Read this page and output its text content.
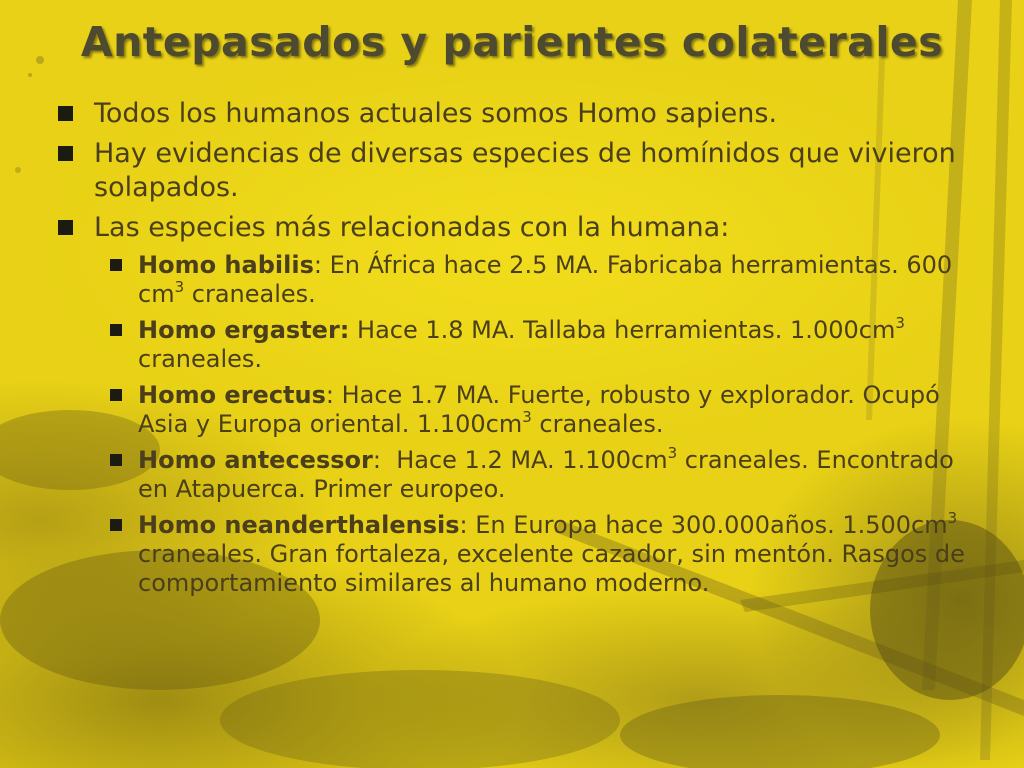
Antepasados y parientes colaterales
Todos los humanos actuales somos Homo sapiens.
Hay evidencias de diversas especies de homínidos que vivieron solapados.
Las especies más relacionadas con la humana:
Homo habilis: En África hace 2.5 MA. Fabricaba herramientas. 600 $cm^3$ craneales.
Homo ergaster: Hace 1.8 MA. Tallaba herramientas. $1.000cm^3$ craneales.
Homo erectus: Hace 1.7 MA. Fuerte, robusto y explorador. Ocupó Asia y Europa oriental. $1.100cm^3$ craneales.
Homo antecessor:  Hace 1.2 MA. $1.100cm^3$ craneales. Encontrado en Atapuerca. Primer europeo.
Homo neanderthalensis: En Europa hace 300.000años. $1.500cm^3$ craneales. Gran fortaleza, excelente cazador, sin mentón. Rasgos de comportamiento similares al humano moderno.
